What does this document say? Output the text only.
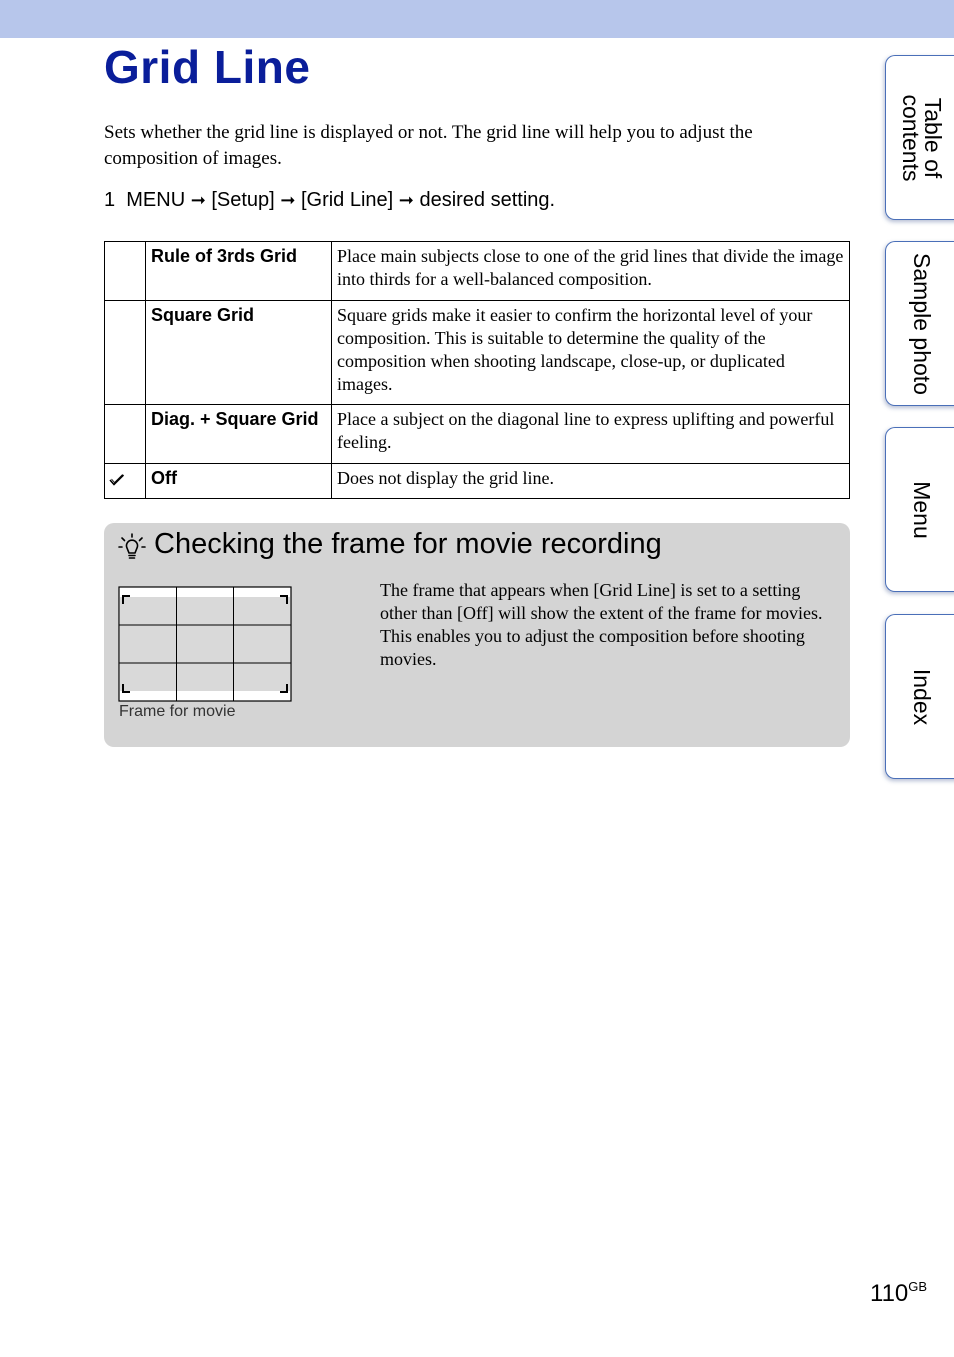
Grid Line

Sets whether the grid line is displayed or not. The grid line will help you to adjust the composition of images.

1 MENU ➞ [Setup] ➞ [Grid Line] ➞ desired setting.

	Rule of 3rds Grid	Place main subjects close to one of the grid lines that divide the image into thirds for a well-balanced composition.
	Square Grid	Square grids make it easier to confirm the horizontal level of your composition. This is suitable to determine the quality of the composition when shooting landscape, close-up, or duplicated images.
	Diag. + Square Grid	Place a subject on the diagonal line to express uplifting and powerful feeling.

	Off	Does not display the grid line.
Checking the frame for movie recording
Frame for movie

The frame that appears when [Grid Line] is set to a setting other than [Off] will show the extent of the frame for movies. This enables you to adjust the composition before shooting movies.

Table of contents
Sample photo
Menu
Index
$110^{GB}$
